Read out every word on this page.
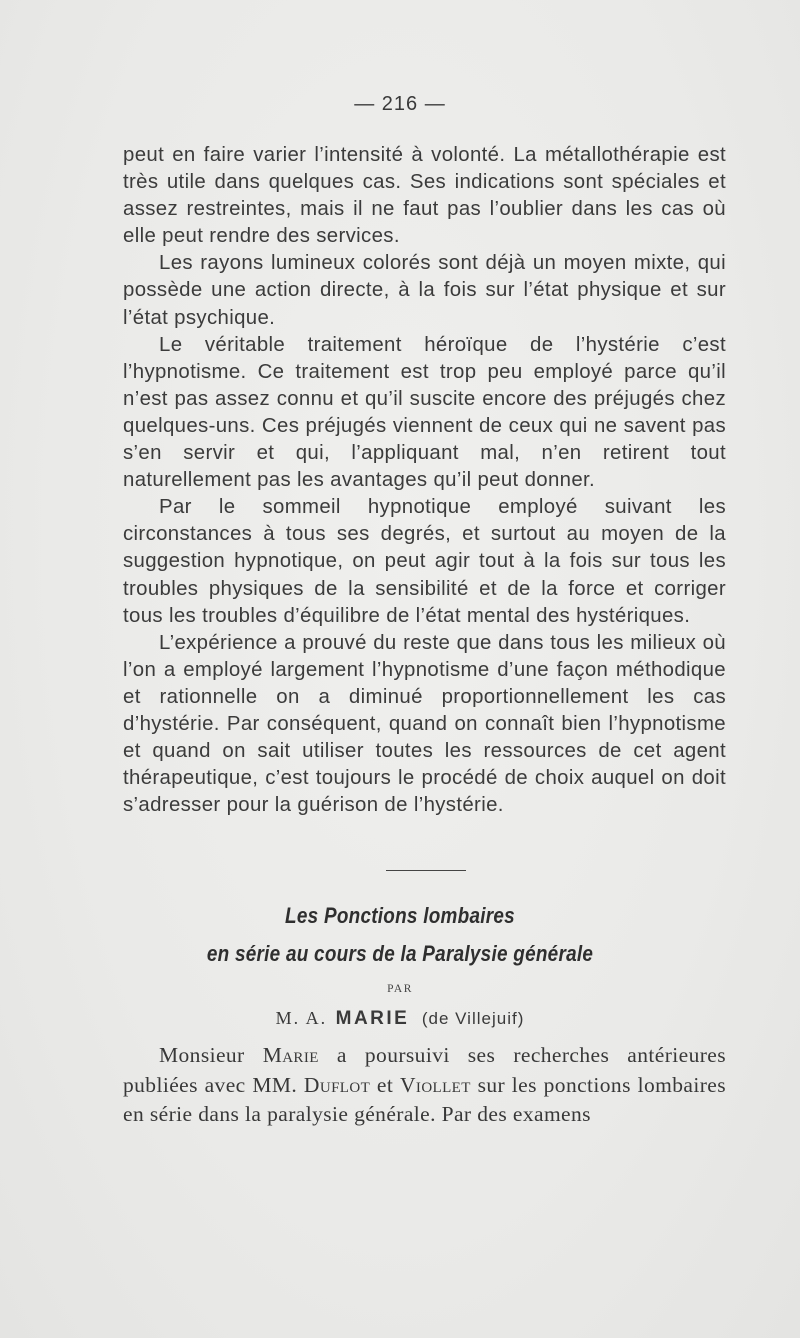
— 216 —

peut en faire varier l’intensité à volonté. La métallothérapie est très utile dans quelques cas. Ses indications sont spéciales et assez restreintes, mais il ne faut pas l’oublier dans les cas où elle peut rendre des services.

Les rayons lumineux colorés sont déjà un moyen mixte, qui possède une action directe, à la fois sur l’état physique et sur l’état psychique.

Le véritable traitement héroïque de l’hystérie c’est l’hypnotisme. Ce traitement est trop peu employé parce qu’il n’est pas assez connu et qu’il suscite encore des préjugés chez quelques-uns. Ces préjugés viennent de ceux qui ne savent pas s’en servir et qui, l’appliquant mal, n’en retirent tout naturellement pas les avantages qu’il peut donner.

Par le sommeil hypnotique employé suivant les circonstances à tous ses degrés, et surtout au moyen de la suggestion hypnotique, on peut agir tout à la fois sur tous les troubles physiques de la sensibilité et de la force et corriger tous les troubles d’équilibre de l’état mental des hystériques.

L’expérience a prouvé du reste que dans tous les milieux où l’on a employé largement l’hypnotisme d’une façon méthodique et rationnelle on a diminué proportionnellement les cas d’hystérie. Par conséquent, quand on connaît bien l’hypnotisme et quand on sait utiliser toutes les ressources de cet agent thérapeutique, c’est toujours le procédé de choix auquel on doit s’adresser pour la guérison de l’hystérie.

Les Ponctions lombaires
en série au cours de la Paralysie générale
PAR
M. A. MARIE (de Villejuif)

Monsieur Marie a poursuivi ses recherches antérieures publiées avec MM. Duflot et Viollet sur les ponctions lombaires en série dans la paralysie générale. Par des examens
